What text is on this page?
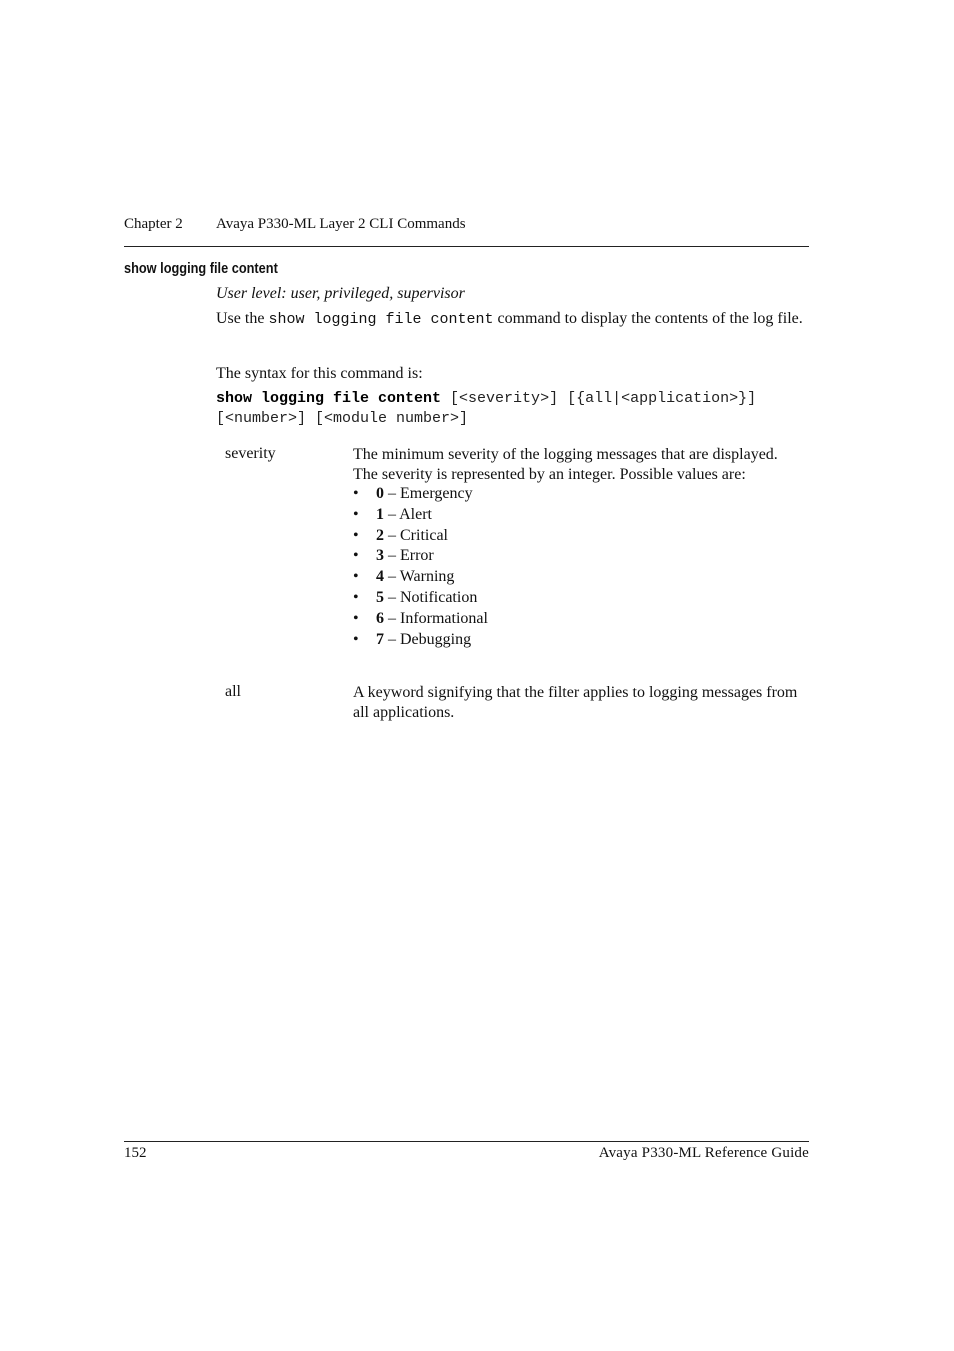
Chapter 2 Avaya P330-ML Layer 2 CLI Commands
show logging file content
User level: user, privileged, supervisor
Use the show logging file content command to display the contents of the log file.
The syntax for this command is:
show logging file content [<severity>] [{all|<application>}]
[<number>] [<module number>]
severity	The minimum severity of the logging messages that are displayed. The severity is represented by an integer. Possible values are:
• 0 – Emergency
• 1 – Alert
• 2 – Critical
• 3 – Error
• 4 – Warning
• 5 – Notification
• 6 – Informational
• 7 – Debugging
all	A keyword signifying that the filter applies to logging messages from all applications.
152	Avaya P330-ML Reference Guide
